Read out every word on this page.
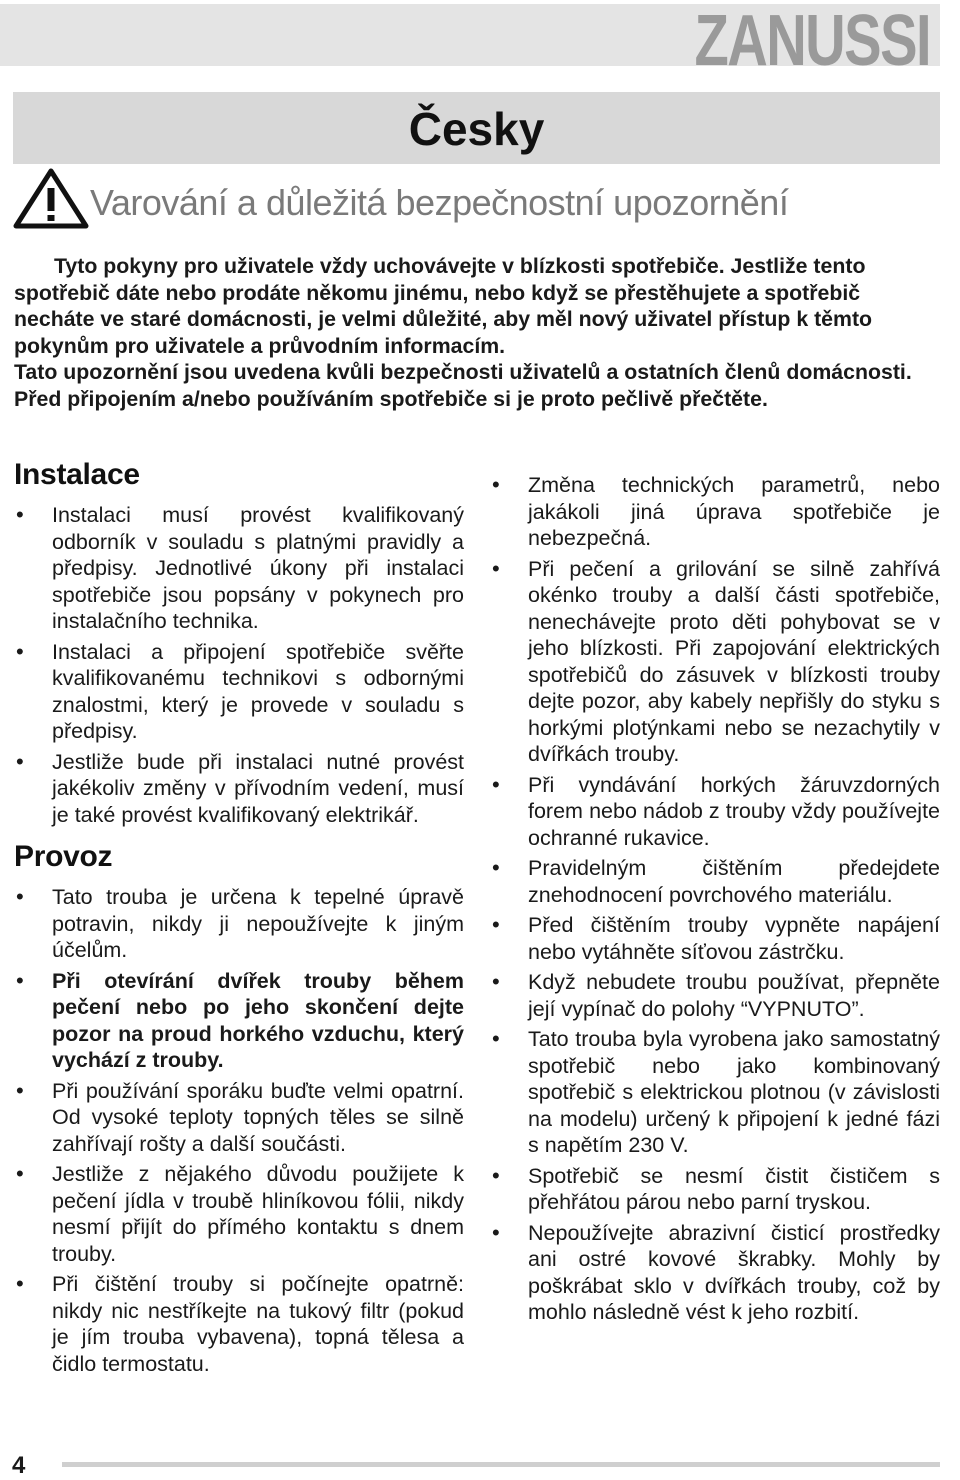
ZANUSSI
Česky
Varování a důležitá bezpečnostní upozornění

Tyto pokyny pro uživatele vždy uchovávejte v blízkosti spotřebiče. Jestliže tento spotřebič dáte nebo prodáte někomu jinému, nebo když se přestěhujete a spotřebič necháte ve staré domácnosti, je velmi důležité, aby měl nový uživatel přístup k těmto pokynům pro uživatele a průvodním informacím.

Tato upozornění jsou uvedena kvůli bezpečnosti uživatelů a ostatních členů domácnosti. Před připojením a/nebo používáním spotřebiče si je proto pečlivě přečtěte.

Instalace
• Instalaci musí provést kvalifikovaný odborník v souladu s platnými pravidly a předpisy. Jednotlivé úkony při instalaci spotřebiče jsou popsány v pokynech pro instalačního technika.
• Instalaci a připojení spotřebiče svěřte kvalifikovanému technikovi s odbornými znalostmi, který je provede v souladu s předpisy.
• Jestliže bude při instalaci nutné provést jakékoliv změny v přívodním vedení, musí je také provést kvalifikovaný elektrikář.
Provoz
• Tato trouba je určena k tepelné úpravě potravin, nikdy ji nepoužívejte k jiným účelům.
• Při otevírání dvířek trouby během pečení nebo po jeho skončení dejte pozor na proud horkého vzduchu, který vychází z trouby.
• Při používání sporáku buďte velmi opatrní. Od vysoké teploty topných těles se silně zahřívají rošty a další součásti.
• Jestliže z nějakého důvodu použijete k pečení jídla v troubě hliníkovou fólii, nikdy nesmí přijít do přímého kontaktu s dnem trouby.
• Při čištění trouby si počínejte opatrně: nikdy nic nestříkejte na tukový filtr (pokud je jím trouba vybavena), topná tělesa a čidlo termostatu.
• Změna technických parametrů, nebo jakákoli jiná úprava spotřebiče je nebezpečná.
• Při pečení a grilování se silně zahřívá okénko trouby a další části spotřebiče, nenechávejte proto děti pohybovat se v jeho blízkosti. Při zapojování elektrických spotřebičů do zásuvek v blízkosti trouby dejte pozor, aby kabely nepřišly do styku s horkými plotýnkami nebo se nezachytily v dvířkách trouby.
• Při vyndávání horkých žáruvzdorných forem nebo nádob z trouby vždy používejte ochranné rukavice.
• Pravidelným čištěním předejdete znehodnocení povrchového materiálu.
• Před čištěním trouby vypněte napájení nebo vytáhněte síťovou zástrčku.
• Když nebudete troubu používat, přepněte její vypínač do polohy “VYPNUTO”.
• Tato trouba byla vyrobena jako samostatný spotřebič nebo jako kombinovaný spotřebič s elektrickou plotnou (v závislosti na modelu) určený k připojení k jedné fázi s napětím 230 V.
• Spotřebič se nesmí čistit čističem s přehřátou párou nebo parní tryskou.
• Nepoužívejte abrazivní čisticí prostředky ani ostré kovové škrabky. Mohly by poškrábat sklo v dvířkách trouby, což by mohlo následně vést k jeho rozbití.
4
